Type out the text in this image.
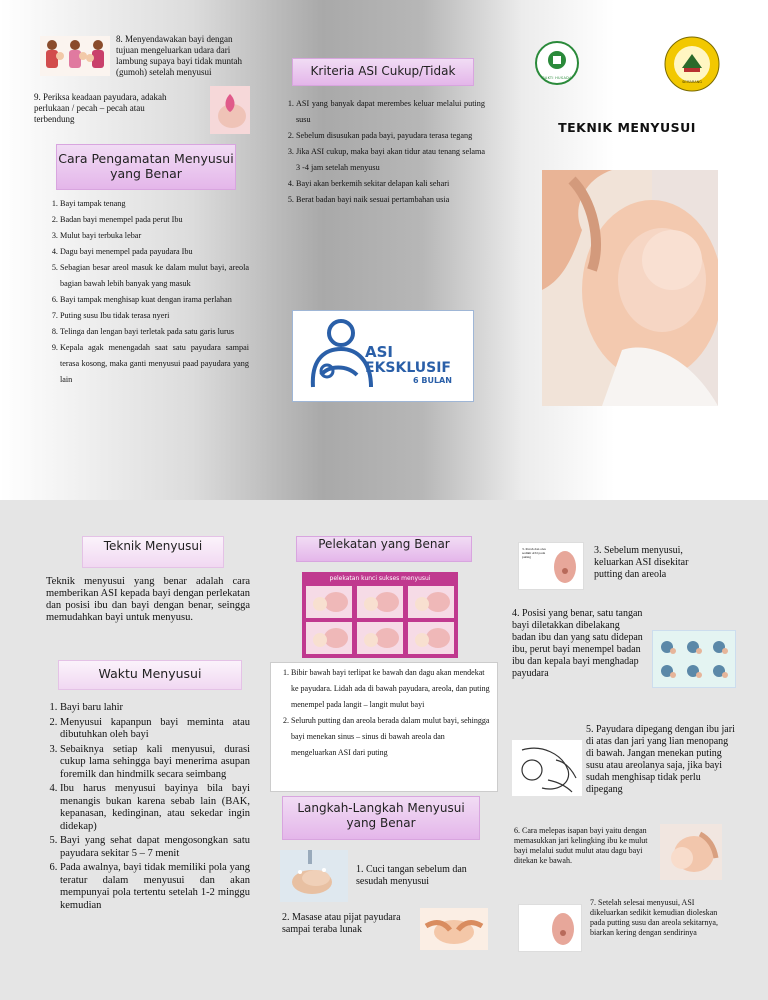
8. Menyendawakan bayi dengan tujuan mengeluarkan udara dari lambung supaya bayi tidak muntah (gumoh) setelah menyusui
9. Periksa keadaan payudara, adakah perlukaan / pecah – pecah atau terbendung
Cara Pengamatan Menyusui yang Benar
1. Bayi tampak tenang
2. Badan bayi menempel pada perut Ibu
3. Mulut bayi terbuka lebar
4. Dagu bayi menempel pada payudara Ibu
5. Sebagian besar areol masuk ke dalam mulut bayi, areola bagian bawah lebih banyak yang masuk
6. Bayi tampak menghisap kuat dengan irama perlahan
7. Puting susu Ibu tidak terasa nyeri
8. Telinga dan lengan bayi terletak pada satu garis lurus
9. Kepala agak menengadah saat satu payudara sampai terasa kosong, maka ganti menyusui paad payudara yang lain
Kriteria ASI Cukup/Tidak
1. ASI yang banyak dapat merembes keluar melalui puting susu
2. Sebelum disusukan pada bayi, payudara terasa tegang
3. Jika ASI cukup, maka bayi akan tidur atau tenang selama 3 -4 jam setelah menyusu
4. Bayi akan berkemih sekitar delapan kali sehari
5. Berat badan bayi naik sesuai pertambahan usia
ASI
EKSKLUSIF
6 BULAN
BAKTI HUSADA
SEMARANG
TEKNIK MENYUSUI
Teknik Menyusui
Teknik menyusui yang benar adalah cara memberikan ASI kepada bayi dengan perlekatan dan posisi ibu dan bayi dengan benar, seingga memudahkan bayi untuk menyusu.
Waktu Menyusui
1. Bayi baru lahir
2. Menyusui kapanpun bayi meminta atau dibutuhkan oleh bayi
3. Sebaiknya setiap kali menyusui, durasi cukup lama sehingga bayi menerima asupan foremilk dan hindmilk secara seimbang
4. Ibu harus menyusui bayinya bila bayi menangis bukan karena sebab lain (BAK, kepanasan, kedinginan, atau sekedar ingin didekap)
5. Bayi yang sehat dapat mengosongkan satu payudara sekitar 5 – 7 menit
6. Pada awalnya, bayi tidak memiliki pola yang teratur dalam menyusui dan akan mempunyai pola tertentu setelah 1-2 minggu kemudian
Pelekatan yang Benar
pelekatan kunci sukses menyusui
1. Bibir bawah bayi terlipat ke bawah dan dagu akan mendekat ke payudara. Lidah ada di bawah payudara, areola, dan puting menempel pada langit – langit mulut bayi
2. Seluruh putting dan areola berada dalam mulut bayi, sehingga bayi menekan sinus – sinus di bawah areola dan mengeluarkan ASI dari puting
Langkah-Langkah Menyusui yang Benar
1. Cuci tangan sebelum dan sesudah menyusui
2. Masase atau pijat payudara sampai teraba lunak
3. Perah dan oles sedikit ASI pada puting
3. Sebelum menyusui, keluarkan ASI disekitar putting dan areola
4. Posisi yang benar, satu tangan bayi diletakkan dibelakang badan ibu dan yang satu didepan ibu, perut bayi menempel badan ibu dan kepala bayi menghadap payudara
5. Payudara dipegang dengan ibu jari di atas dan jari yang lian menopang di bawah. Jangan menekan puting susu atau areolanya saja, jika bayi sudah menghisap tidak perlu dipegang
6. Cara melepas isapan bayi yaitu dengan memasukkan jari kelingking ibu ke mulut bayi melalui sudut mulut atau dagu bayi ditekan ke bawah.
7. Setelah selesai menyusui, ASI dikeluarkan sedikit kemudian dioleskan pada putting susu dan areola sekitarnya, biarkan kering dengan sendirinya
